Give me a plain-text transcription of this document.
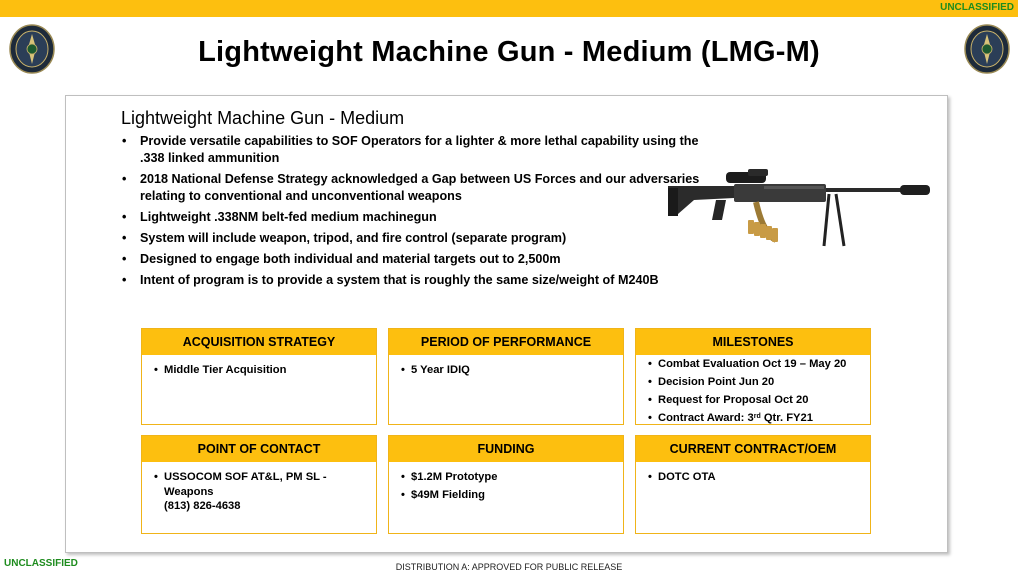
UNCLASSIFIED
Lightweight Machine Gun - Medium (LMG-M)
Lightweight Machine Gun - Medium
• Provide versatile capabilities to SOF Operators for a lighter & more lethal capability using the .338 linked ammunition
• 2018 National Defense Strategy acknowledged a Gap between US Forces and our adversaries relating to conventional and unconventional weapons
• Lightweight .338NM belt-fed medium machinegun
• System will include weapon, tripod, and fire control (separate program)
• Designed to engage both individual and material targets out to 2,500m
• Intent of program is to provide a system that is roughly the same size/weight of M240B
ACQUISITION STRATEGY
• Middle Tier Acquisition
PERIOD OF PERFORMANCE
• 5 Year IDIQ
MILESTONES
• Combat Evaluation Oct 19 – May 20
• Decision Point Jun 20
• Request for Proposal Oct 20
• Contract Award: 3rd Qtr. FY21
POINT OF CONTACT
• USSOCOM SOF AT&L, PM SL - Weapons
(813) 826-4638
FUNDING
• $1.2M Prototype
• $49M Fielding
CURRENT CONTRACT/OEM
• DOTC OTA
UNCLASSIFIED	DISTRIBUTION A: APPROVED FOR PUBLIC RELEASE
